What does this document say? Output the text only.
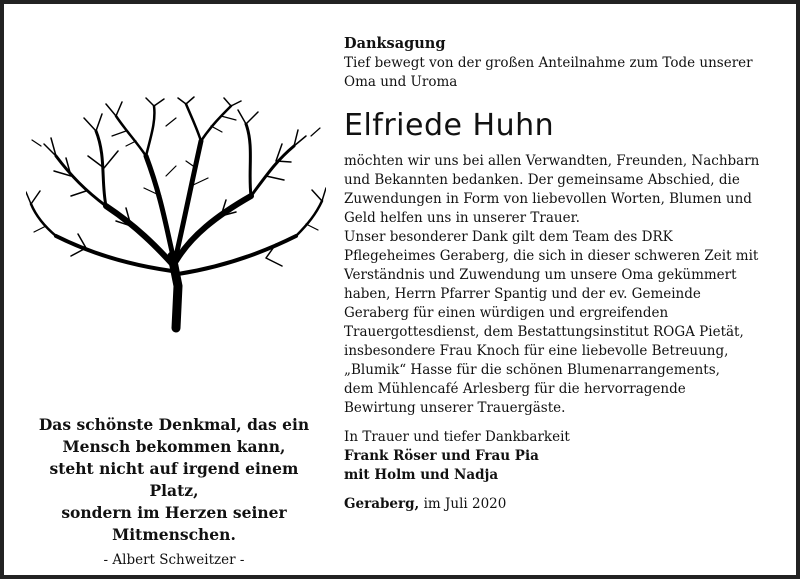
Das schönste Denkmal, das ein
Mensch bekommen kann,
steht nicht auf irgend einem Platz,
sondern im Herzen seiner
Mitmenschen.
- Albert Schweitzer -
Danksagung
Tief bewegt von der großen Anteilnahme zum Tode unserer
Oma und Uroma
Elfriede Huhn
möchten wir uns bei allen Verwandten, Freunden, Nachbarn
und Bekannten bedanken. Der gemeinsame Abschied, die
Zuwendungen in Form von liebevollen Worten, Blumen und
Geld helfen uns in unserer Trauer.
Unser besonderer Dank gilt dem Team des DRK
Pflegeheimes Geraberg, die sich in dieser schweren Zeit mit
Verständnis und Zuwendung um unsere Oma gekümmert
haben, Herrn Pfarrer Spantig und der ev. Gemeinde
Geraberg für einen würdigen und ergreifenden
Trauergottesdienst, dem Bestattungsinstitut ROGA Pietät,
insbesondere Frau Knoch für eine liebevolle Betreuung,
„Blumik“ Hasse für die schönen Blumenarrangements,
dem Mühlencafé Arlesberg für die hervorragende
Bewirtung unserer Trauergäste.
In Trauer und tiefer Dankbarkeit
Frank Röser und Frau Pia
mit Holm und Nadja
Geraberg, im Juli 2020
